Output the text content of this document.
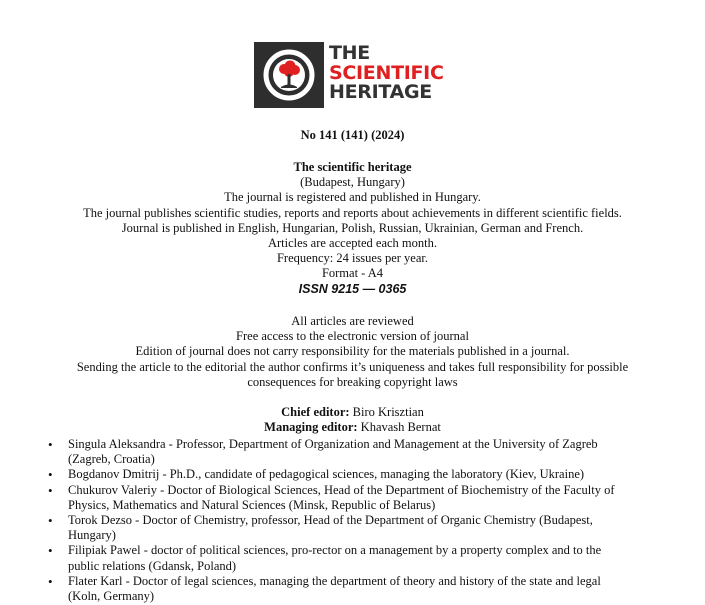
THE
SCIENTIFIC
HERITAGE
No 141 (141) (2024)
The scientific heritage
(Budapest, Hungary)
The journal is registered and published in Hungary.
The journal publishes scientific studies, reports and reports about achievements in different scientific fields.
Journal is published in English, Hungarian, Polish, Russian, Ukrainian, German and French.
Articles are accepted each month.
Frequency: 24 issues per year.
Format - A4
ISSN 9215 — 0365
All articles are reviewed
Free access to the electronic version of journal
Edition of journal does not carry responsibility for the materials published in a journal.
Sending the article to the editorial the author confirms it’s uniqueness and takes full responsibility for possible
consequences for breaking copyright laws
Chief editor: Biro Krisztian
Managing editor: Khavash Bernat
• Singula Aleksandra - Professor, Department of Organization and Management at the University of Zagreb
(Zagreb, Croatia)
• Bogdanov Dmitrij - Ph.D., candidate of pedagogical sciences, managing the laboratory (Kiev, Ukraine)
• Chukurov Valeriy - Doctor of Biological Sciences, Head of the Department of Biochemistry of the Faculty of
Physics, Mathematics and Natural Sciences (Minsk, Republic of Belarus)
• Torok Dezso - Doctor of Chemistry, professor, Head of the Department of Organic Chemistry (Budapest,
Hungary)
• Filipiak Pawel - doctor of political sciences, pro-rector on a management by a property complex and to the
public relations (Gdansk, Poland)
• Flater Karl - Doctor of legal sciences, managing the department of theory and history of the state and legal
(Koln, Germany)
